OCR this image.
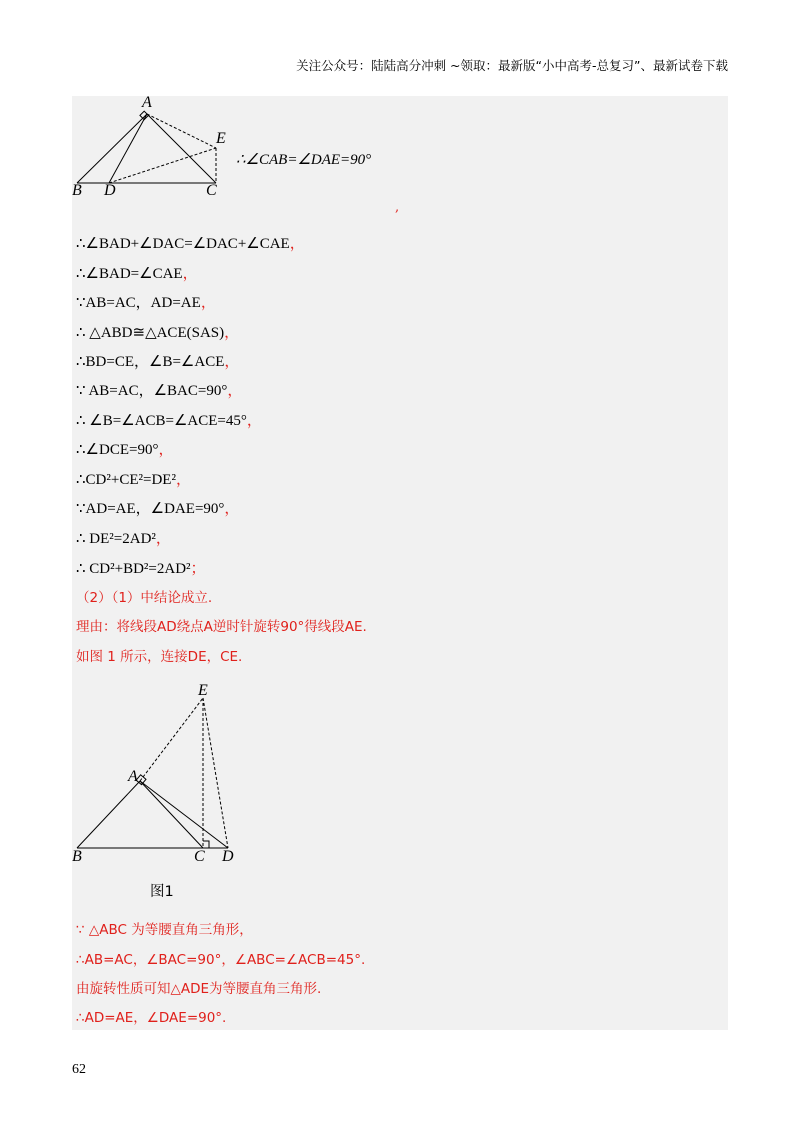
关注公众号：陆陆高分冲刺 ~领取：最新版“小中高考-总复习”、最新试卷下载
A
E
B D	C
∴∠CAB=∠DAE=90°
,
∴∠BAD+∠DAC=∠DAC+∠CAE，
∴∠BAD=∠CAE，
∵AB=AC，AD=AE，
∴ △ABD≅△ACE(SAS)，
∴BD=CE，∠B=∠ACE，
∵ AB=AC，∠BAC=90°，
∴ ∠B=∠ACB=∠ACE=45°，
∴∠DCE=90°，
∴CD²+CE²=DE²，
∵AD=AE，∠DAE=90°，
∴ DE²=2AD²，
∴ CD²+BD²=2AD²；
（2）（1）中结论成立.
理由：将线段AD绕点A逆时针旋转90°得线段AE.
如图 1 所示，连接DE，CE.
E
A
B	C D
图1
∵ △ABC 为等腰直角三角形，
∴AB=AC，∠BAC=90°，∠ABC=∠ACB=45°.
由旋转性质可知△ADE为等腰直角三角形.
∴AD=AE，∠DAE=90°.
62
